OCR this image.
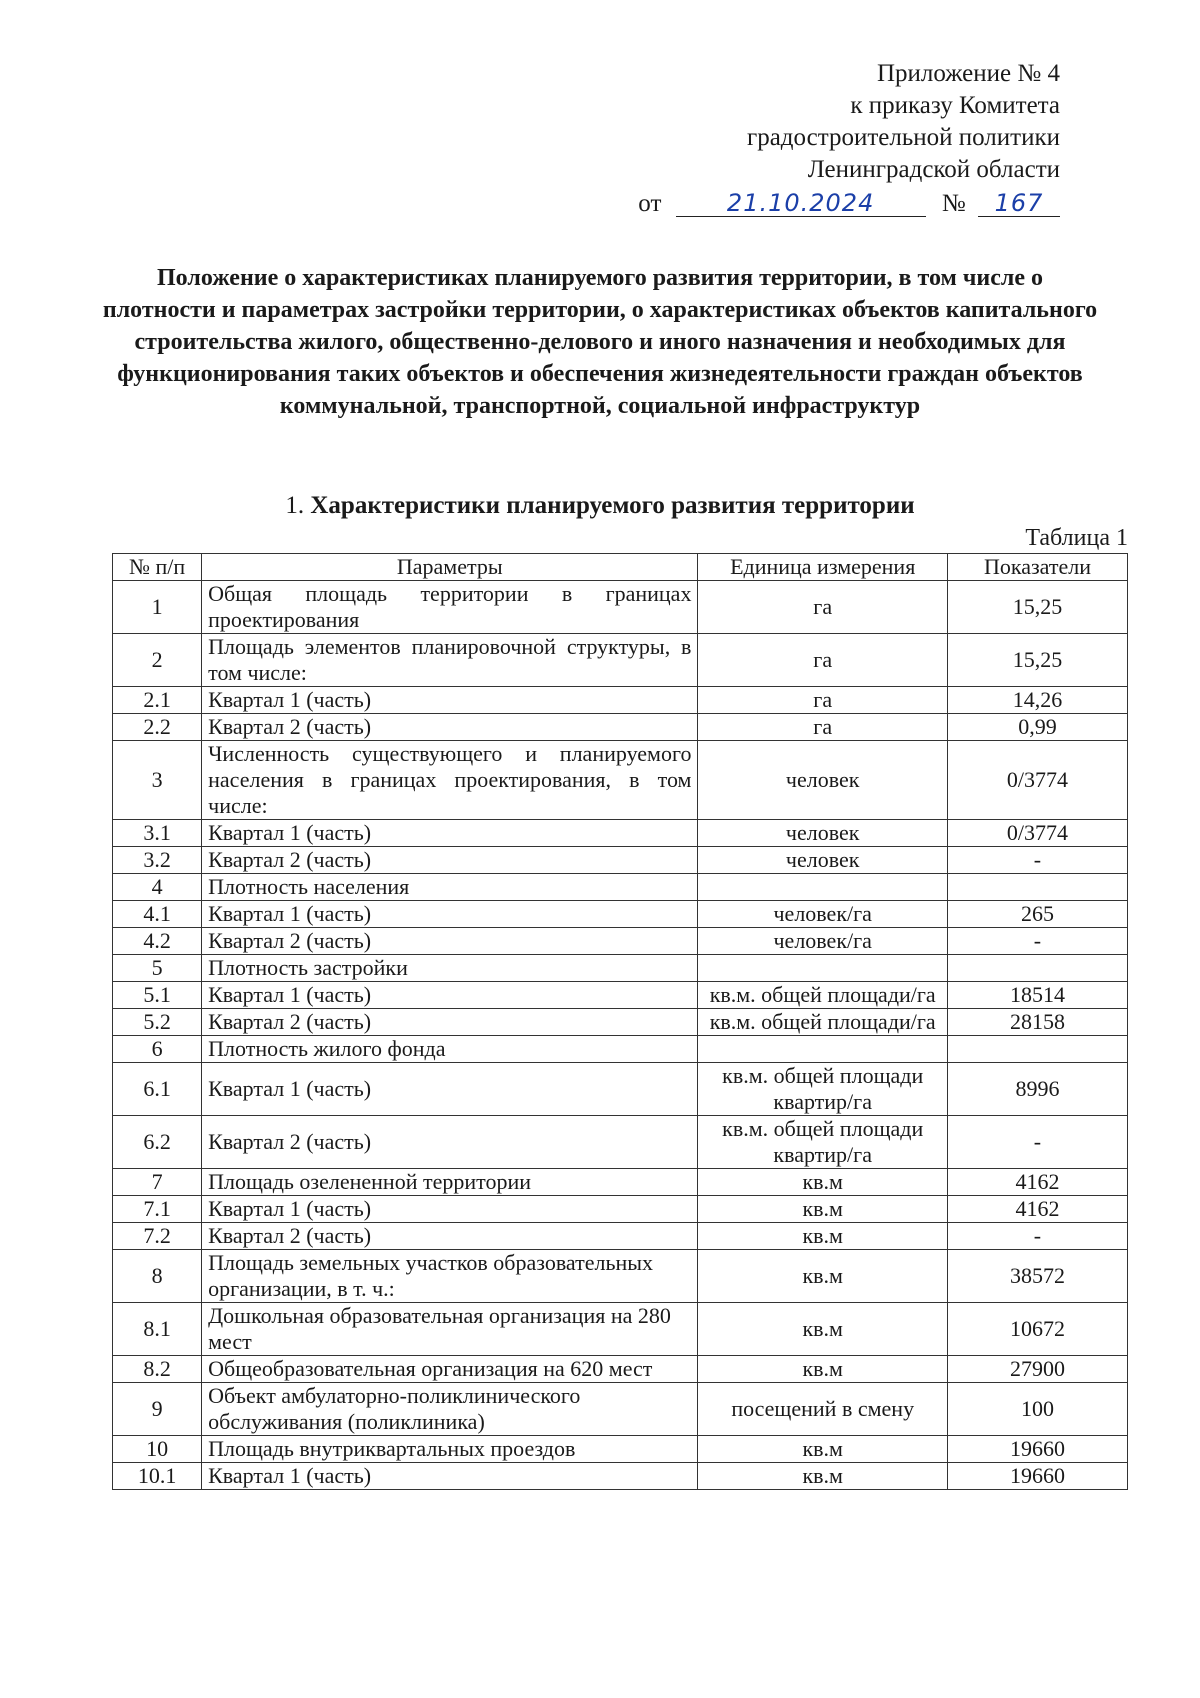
Приложение № 4
к приказу Комитета
градостроительной политики
Ленинградской области
от	21.10.2024	№ 167
Положение о характеристиках планируемого развития территории, в том числе о плотности и параметрах застройки территории, о характеристиках объектов капитального строительства жилого, общественно-делового и иного назначения и необходимых для функционирования таких объектов и обеспечения жизнедеятельности граждан объектов коммунальной, транспортной, социальной инфраструктур
1. Характеристики планируемого развития территории
Таблица 1
№ п/п	Параметры	Единица измерения	Показатели
1	Общая площадь территории в границах проектирования	га	15,25
2	Площадь элементов планировочной структуры, в том числе:	га	15,25
2.1	Квартал 1 (часть)	га	14,26
2.2	Квартал 2 (часть)	га	0,99
3	Численность существующего и планируемого населения в границах проектирования, в том числе:	человек	0/3774
3.1	Квартал 1 (часть)	человек	0/3774
3.2	Квартал 2 (часть)	человек	-
4	Плотность населения		
4.1	Квартал 1 (часть)	человек/га	265
4.2	Квартал 2 (часть)	человек/га	-
5	Плотность застройки		
5.1	Квартал 1 (часть)	кв.м. общей площади/га	18514
5.2	Квартал 2 (часть)	кв.м. общей площади/га	28158
6	Плотность жилого фонда		
6.1	Квартал 1 (часть)	кв.м. общей площади квартир/га	8996
6.2	Квартал 2 (часть)	кв.м. общей площади квартир/га	-
7	Площадь озелененной территории	кв.м	4162
7.1	Квартал 1 (часть)	кв.м	4162
7.2	Квартал 2 (часть)	кв.м	-
8	Площадь земельных участков образовательных организации, в т. ч.:	кв.м	38572
8.1	Дошкольная образовательная организация на 280 мест	кв.м	10672
8.2	Общеобразовательная организация на 620 мест	кв.м	27900
9	Объект амбулаторно-поликлинического обслуживания (поликлиника)	посещений в смену	100
10	Площадь внутриквартальных проездов	кв.м	19660
10.1	Квартал 1 (часть)	кв.м	19660
